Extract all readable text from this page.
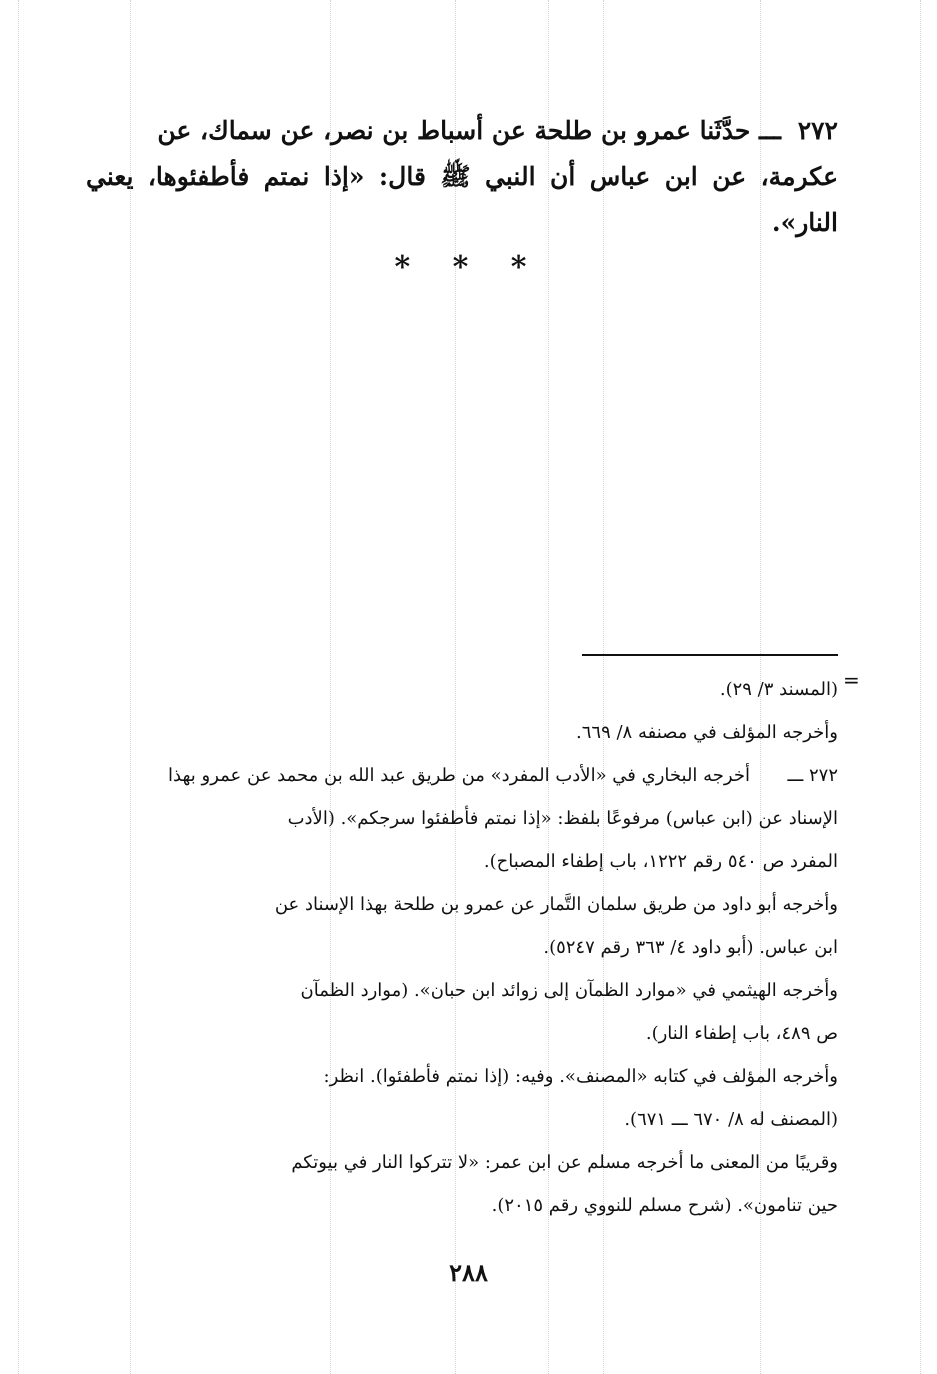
٢٧٢ ـــ حدَّثَنا عمرو بن طلحة عن أسباط بن نصر، عن سماك، عن
عكرمة، عن ابن عباس أن النبي ﷺ قال: «إذا نمتم فأطفئوها، يعني النار».
* * *
=
(المسند ٣/ ٢٩).
وأخرجه المؤلف في مصنفه ٨/ ٦٦٩.
٢٧٢ ـــ
أخرجه البخاري في «الأدب المفرد» من طريق عبد الله بن محمد عن عمرو بهذا
الإسناد عن (ابن عباس) مرفوعًا بلفظ: «إذا نمتم فأطفئوا سرجكم». (الأدب
المفرد ص ٥٤٠ رقم ١٢٢٢، باب إطفاء المصباح).
وأخرجه أبو داود من طريق سلمان التَّمار عن عمرو بن طلحة بهذا الإسناد عن
ابن عباس. (أبو داود ٤/ ٣٦٣ رقم ٥٢٤٧).
وأخرجه الهيثمي في «موارد الظمآن إلى زوائد ابن حبان». (موارد الظمآن
ص ٤٨٩، باب إطفاء النار).
وأخرجه المؤلف في كتابه «المصنف». وفيه: (إذا نمتم فأطفئوا). انظر:
(المصنف له ٨/ ٦٧٠ ـــ ٦٧١).
وقريبًا من المعنى ما أخرجه مسلم عن ابن عمر: «لا تتركوا النار في بيوتكم
حين تنامون». (شرح مسلم للنووي رقم ٢٠١٥).
٢٨٨
